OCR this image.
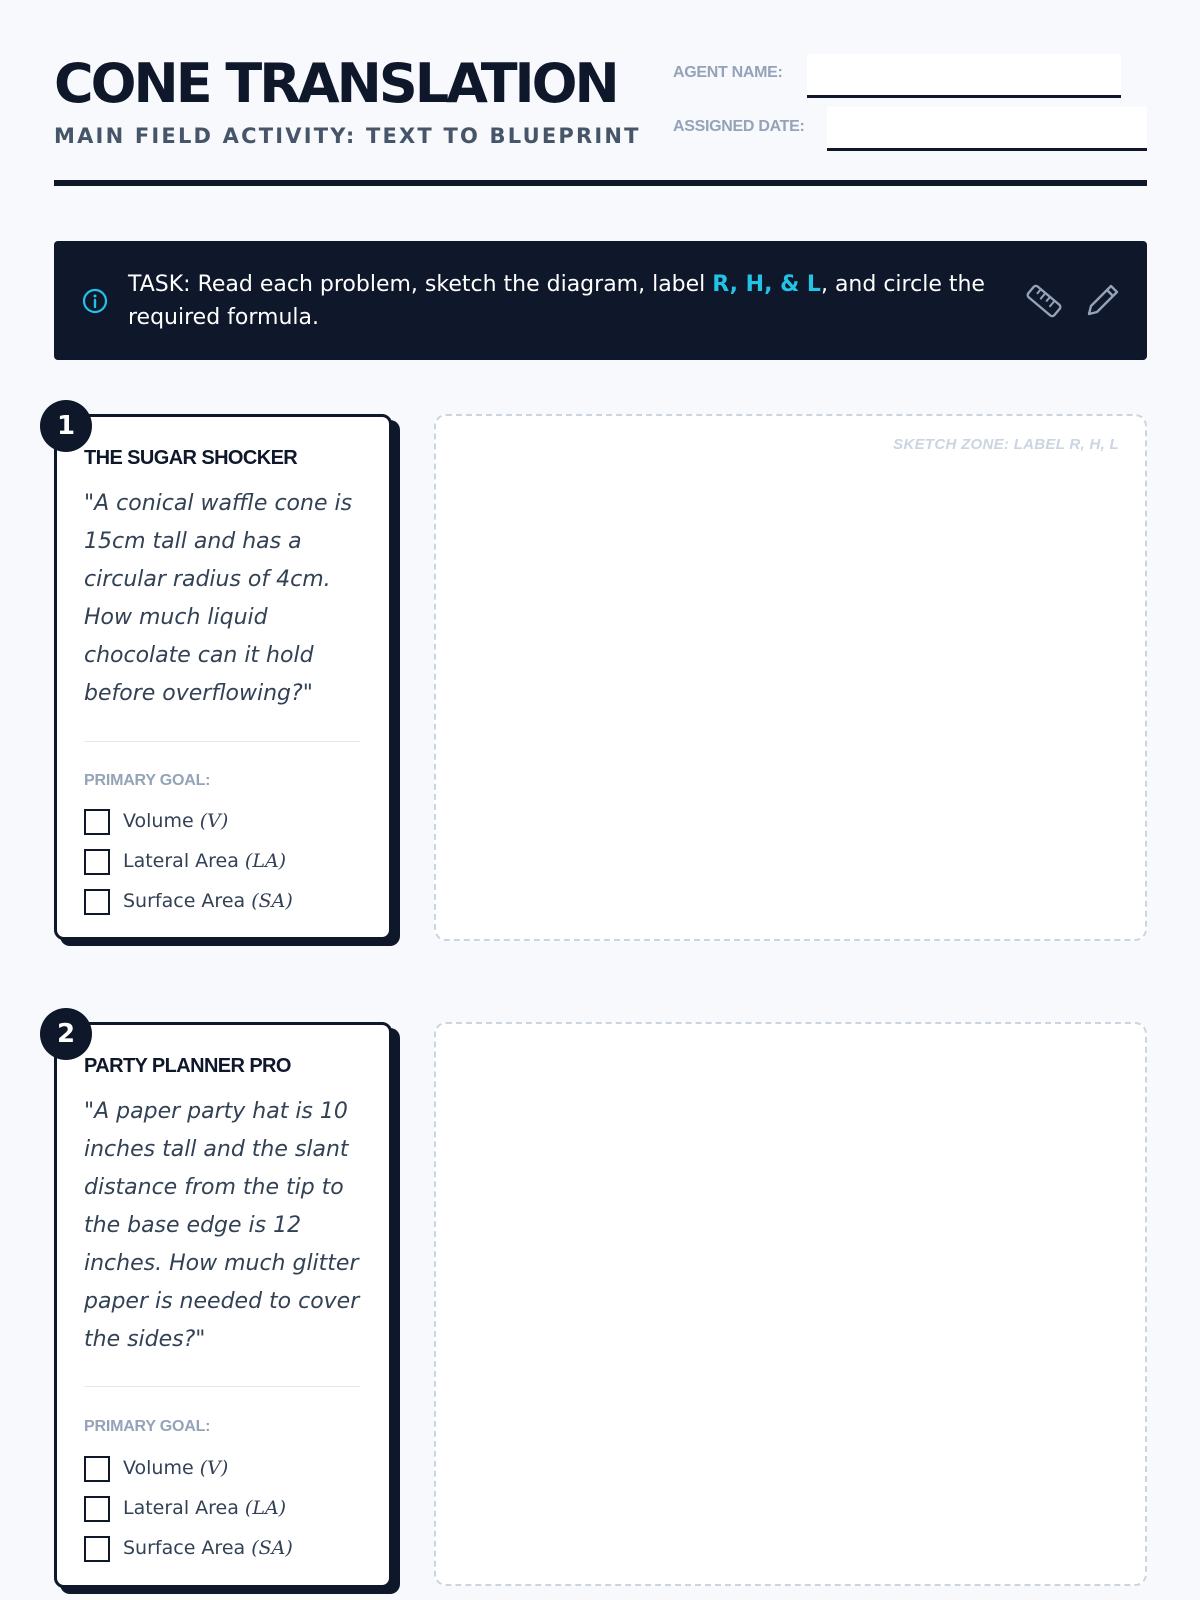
CONE TRANSLATION
MAIN FIELD ACTIVITY: TEXT TO BLUEPRINT
AGENT NAME:
ASSIGNED DATE:
TASK: Read each problem, sketch the diagram, label R, H, & L, and circle the required formula.
1
THE SUGAR SHOCKER
"A conical waffle cone is 15cm tall and has a circular radius of 4cm. How much liquid chocolate can it hold before overflowing?"
PRIMARY GOAL:
Volume (V)
Lateral Area (LA)
Surface Area (SA)
SKETCH ZONE: LABEL R, H, L
2
PARTY PLANNER PRO
"A paper party hat is 10 inches tall and the slant distance from the tip to the base edge is 12 inches. How much glitter paper is needed to cover the sides?"
PRIMARY GOAL:
Volume (V)
Lateral Area (LA)
Surface Area (SA)
